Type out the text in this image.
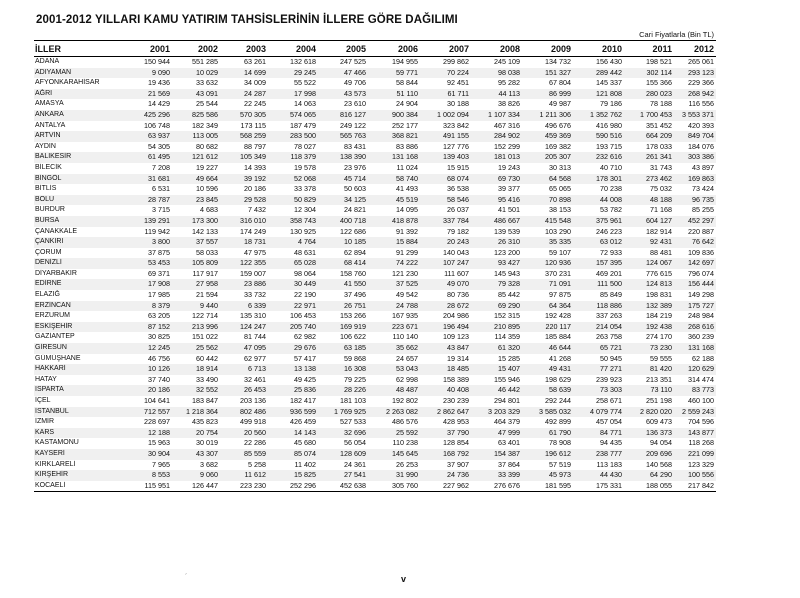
2001-2012 YILLARI KAMU YATIRIM TAHSİSLERİNİN İLLERE GÖRE DAĞILIMI
Cari Fiyatlarla (Bin TL)
İLLER	2001	2002	2003	2004	2005	2006	2007	2008	2009	2010	2011	2012
ADANA	150 944	551 285	63 261	132 618	247 525	194 955	299 862	245 109	134 732	156 430	198 521	265 061
ADIYAMAN	9 090	10 029	14 699	29 245	47 466	59 771	70 224	98 038	151 327	289 442	302 114	293 123
AFYONKARAHİSAR	19 436	33 632	34 009	55 522	49 706	58 844	92 451	95 282	67 804	145 337	155 366	229 366
AĞRI	21 569	43 091	24 287	17 998	43 573	51 110	61 711	44 113	86 999	121 808	280 023	268 942
AMASYA	14 429	25 544	22 245	14 063	23 610	24 904	30 188	38 826	49 987	79 186	78 188	116 556
ANKARA	425 296	825 586	570 305	574 065	816 127	900 384	1 002 094	1 107 334	1 211 306	1 352 762	1 700 453	3 553 371
ANTALYA	106 748	182 349	173 115	187 479	249 122	252 177	323 842	467 316	496 676	416 980	351 452	420 393
ARTVİN	63 937	113 005	568 259	283 500	565 763	368 821	491 155	284 902	459 369	590 516	664 209	849 704
AYDIN	54 305	80 682	88 797	78 027	83 431	83 886	127 776	152 299	169 382	193 715	178 033	184 076
BALIKESİR	61 495	121 612	105 349	118 379	138 390	131 168	139 403	181 013	205 307	232 616	261 341	303 386
BİLECİK	7 208	19 227	14 393	19 578	23 976	11 024	15 915	19 243	30 313	40 710	31 743	43 897
BİNGÖL	31 681	49 664	39 192	52 068	45 714	58 740	68 074	69 730	64 568	178 301	273 462	169 863
BİTLİS	6 531	10 596	20 186	33 378	50 603	41 493	36 538	39 377	65 065	70 238	75 032	73 424
BOLU	28 787	23 845	29 528	50 829	34 125	45 519	58 546	95 416	70 898	44 008	48 188	96 735
BURDUR	3 715	4 683	7 432	12 304	24 821	14 095	26 037	41 501	38 153	53 782	71 168	85 255
BURSA	139 291	173 300	316 010	358 743	400 718	418 878	337 784	486 667	415 548	375 961	604 127	452 297
ÇANAKKALE	119 942	142 133	174 249	130 925	122 686	91 392	79 182	139 539	103 290	246 223	182 914	220 887
ÇANKIRI	3 800	37 557	18 731	4 764	10 185	15 884	20 243	26 310	35 335	63 012	92 431	76 642
ÇORUM	37 875	58 033	47 975	48 631	62 894	91 299	140 043	123 200	59 107	72 933	88 481	109 836
DENİZLİ	53 453	105 809	122 355	65 028	68 414	74 222	107 247	93 427	120 936	157 395	124 067	142 697
DİYARBAKIR	69 371	117 917	159 007	98 064	158 760	121 230	111 607	145 943	370 231	469 201	776 615	796 074
EDİRNE	17 908	27 958	23 886	30 449	41 550	37 525	49 070	79 328	71 091	111 500	124 813	156 444
ELAZIĞ	17 985	21 594	33 732	22 190	37 496	49 542	80 736	85 442	97 875	85 849	198 831	149 298
ERZİNCAN	8 379	9 440	6 339	22 971	26 751	24 788	28 672	69 290	64 364	118 886	132 389	175 727
ERZURUM	63 205	122 714	135 310	106 453	153 266	167 935	204 986	152 315	192 428	337 263	184 219	248 984
ESKİŞEHİR	87 152	213 996	124 247	205 740	169 919	223 671	196 494	210 895	220 117	214 054	192 438	268 616
GAZİANTEP	30 825	151 022	81 744	62 982	106 622	110 140	109 123	114 359	185 884	263 758	274 170	360 239
GİRESUN	12 245	25 562	47 095	29 676	63 185	35 662	43 847	61 320	46 644	65 721	73 230	131 168
GÜMÜŞHANE	46 756	60 442	62 977	57 417	59 868	24 657	19 314	15 285	41 268	50 945	59 555	62 188
HAKKARİ	10 126	18 914	6 713	13 138	16 308	53 043	18 485	15 407	49 431	77 271	81 420	120 629
HATAY	37 740	33 490	32 461	49 425	79 225	62 998	158 389	155 946	198 629	239 923	213 351	314 474
ISPARTA	20 186	32 552	26 453	25 836	28 226	48 487	40 408	46 442	58 639	73 303	73 110	83 773
İÇEL	104 641	183 847	203 136	182 417	181 103	192 802	230 239	294 801	292 244	258 671	251 198	460 100
İSTANBUL	712 557	1 218 364	802 486	936 599	1 769 925	2 263 082	2 862 647	3 203 329	3 585 032	4 079 774	2 820 020	2 559 243
İZMİR	228 697	435 823	499 918	426 459	527 533	486 576	428 953	464 379	492 899	457 054	609 473	704 596
KARS	12 188	20 754	20 560	14 143	32 696	25 592	37 790	47 999	61 790	84 771	136 373	143 877
KASTAMONU	15 963	30 019	22 286	45 680	56 054	110 238	128 854	63 401	78 908	94 435	94 054	118 268
KAYSERİ	30 904	43 307	85 559	85 074	128 609	145 645	168 792	154 387	196 612	238 777	209 696	221 099
KIRKLARELİ	7 965	3 682	5 258	11 402	24 361	26 253	37 907	37 864	57 519	113 183	140 568	123 329
KIRŞEHİR	8 553	9 060	11 612	15 825	27 541	31 990	24 736	33 399	45 973	44 430	64 290	100 556
KOCAELİ	115 951	126 447	223 230	252 296	452 638	305 760	227 962	276 676	181 595	175 331	188 055	217 842
´	v
